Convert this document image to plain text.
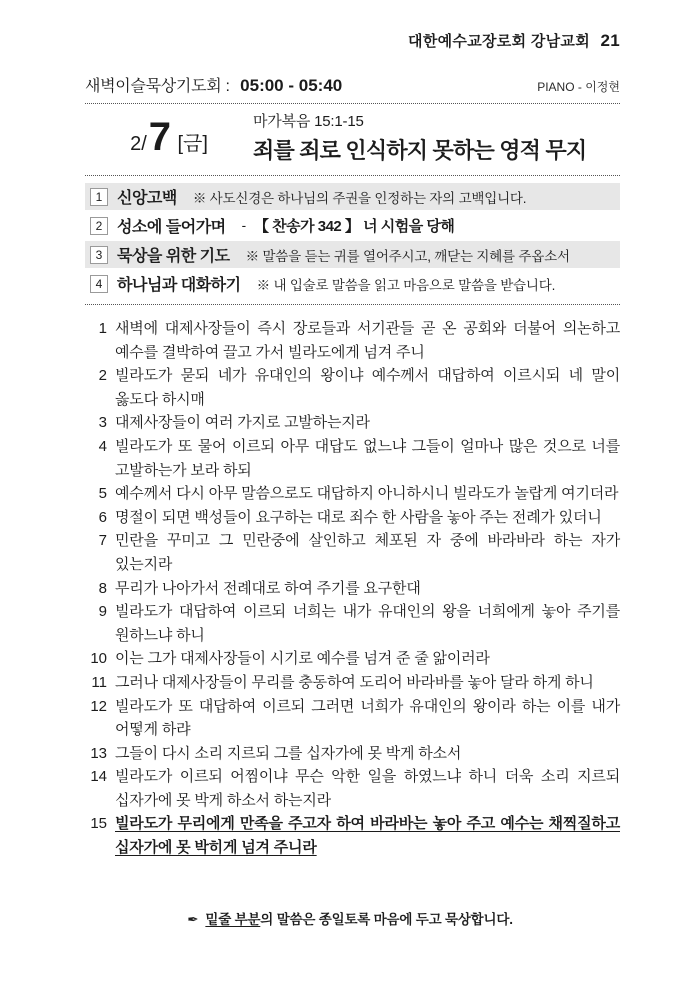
대한예수교장로회 강남교회 21
새벽이슬묵상기도회 : 05:00 - 05:40	PIANO - 이정현
2/7 [금]
마가복음 15:1-15
죄를 죄로 인식하지 못하는 영적 무지
1 신앙고백 ※ 사도신경은 하나님의 주권을 인정하는 자의 고백입니다.
2 성소에 들어가며 - 【 찬송가 342 】 너 시험을 당해
3 묵상을 위한 기도 ※ 말씀을 듣는 귀를 열어주시고, 깨닫는 지혜를 주옵소서
4 하나님과 대화하기 ※ 내 입술로 말씀을 읽고 마음으로 말씀을 받습니다.
1 새벽에 대제사장들이 즉시 장로들과 서기관들 곧 온 공회와 더불어 의논하고 예수를 결박하여 끌고 가서 빌라도에게 넘겨 주니
2 빌라도가 묻되 네가 유대인의 왕이냐 예수께서 대답하여 이르시되 네 말이 옳도다 하시매
3 대제사장들이 여러 가지로 고발하는지라
4 빌라도가 또 물어 이르되 아무 대답도 없느냐 그들이 얼마나 많은 것으로 너를 고발하는가 보라 하되
5 예수께서 다시 아무 말씀으로도 대답하지 아니하시니 빌라도가 놀랍게 여기더라
6 명절이 되면 백성들이 요구하는 대로 죄수 한 사람을 놓아 주는 전례가 있더니
7 민란을 꾸미고 그 민란중에 살인하고 체포된 자 중에 바라바라 하는 자가 있는지라
8 무리가 나아가서 전례대로 하여 주기를 요구한대
9 빌라도가 대답하여 이르되 너희는 내가 유대인의 왕을 너희에게 놓아 주기를 원하느냐 하니
10 이는 그가 대제사장들이 시기로 예수를 넘겨 준 줄 앎이러라
11 그러나 대제사장들이 무리를 충동하여 도리어 바라바를 놓아 달라 하게 하니
12 빌라도가 또 대답하여 이르되 그러면 너희가 유대인의 왕이라 하는 이를 내가 어떻게 하랴
13 그들이 다시 소리 지르되 그를 십자가에 못 박게 하소서
14 빌라도가 이르되 어찜이냐 무슨 악한 일을 하였느냐 하니 더욱 소리 지르되 십자가에 못 박게 하소서 하는지라
15 빌라도가 무리에게 만족을 주고자 하여 바라바는 놓아 주고 예수는 채찍질하고 십자가에 못 박히게 넘겨 주니라
✒ 밑줄 부분의 말씀은 종일토록 마음에 두고 묵상합니다.
